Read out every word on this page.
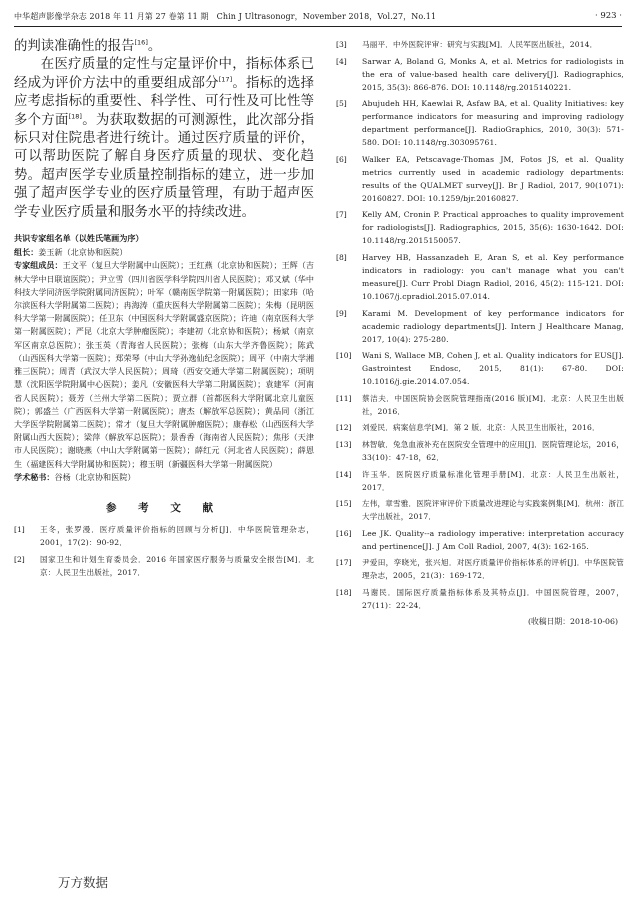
中华超声影像学杂志 2018 年 11 月第 27 卷第 11 期　Chin J Ultrasonogr，November 2018，Vol.27，No.11	· 923 ·

的判读准确性的报告[16]。

在医疗质量的定性与定量评价中，指标体系已经成为评价方法中的重要组成部分[17]。指标的选择应考虑指标的重要性、科学性、可行性及可比性等多个方面[18]。为获取数据的可测源性，此次部分指标只对住院患者进行统计。通过医疗质量的评价，可以帮助医院了解自身医疗质量的现状、变化趋势。超声医学专业质量控制指标的建立，进一步加强了超声医学专业的医疗质量管理，有助于超声医学专业医疗质量和服务水平的持续改进。

共识专家组名单（以姓氏笔画为序）
组长：姜玉新（北京协和医院）
专家组成员：王文平（复旦大学附属中山医院）；王红燕（北京协和医院）；王辉（吉林大学中日联谊医院）；尹立雪（四川省医学科学院四川省人民医院）；邓又斌（华中科技大学同济医学院附属同济医院）；叶军（赣南医学院第一附属医院）；田家玮（哈尔滨医科大学附属第二医院）；冉海涛（重庆医科大学附属第二医院）；朱梅（昆明医科大学第一附属医院）；任卫东（中国医科大学附属盛京医院）；许迪（南京医科大学第一附属医院）；严昆（北京大学肿瘤医院）；李建初（北京协和医院）；杨斌（南京军区南京总医院）；张玉英（青海省人民医院）；张梅（山东大学齐鲁医院）；陈武（山西医科大学第一医院）；郑荣琴（中山大学孙逸仙纪念医院）；周平（中南大学湘雅三医院）；周青（武汉大学人民医院）；周琦（西安交通大学第二附属医院）；项明慧（沈阳医学院附属中心医院）；姜凡（安徽医科大学第二附属医院）；袁建军（河南省人民医院）；聂芳（兰州大学第二医院）；贾立群（首都医科大学附属北京儿童医院）；郭盛兰（广西医科大学第一附属医院）；唐杰（解放军总医院）；黄品同（浙江大学医学院附属第二医院）；常才（复旦大学附属肿瘤医院）；康春松（山西医科大学附属山西大医院）；梁萍（解放军总医院）；景香香（海南省人民医院）；焦彤（天津市人民医院）；谢晓燕（中山大学附属第一医院）；薛红元（河北省人民医院）；薛恩生（福建医科大学附属协和医院）；穆玉明（新疆医科大学第一附属医院）
学术秘书：谷杨（北京协和医院）
参 考 文 献
[1]	王冬，张罗漫．医疗质量评价指标的回顾与分析[J]．中华医院管理杂志，2001，17(2)：90-92．
[2]	国家卫生和计划生育委员会．2016 年国家医疗服务与质量安全报告[M]．北京：人民卫生出版社，2017．
[3]	马丽平．中外医院评审：研究与实践[M]．人民军医出版社，2014．
[4]	Sarwar A, Boland G, Monks A, et al. Metrics for radiologists in the era of value-based health care delivery[J]. Radiographics, 2015, 35(3): 866-876. DOI: 10.1148/rg.2015140221.
[5]	Abujudeh HH, Kaewlai R, Asfaw BA, et al. Quality Initiatives: key performance indicators for measuring and improving radiology department performance[J]. RadioGraphics, 2010, 30(3): 571-580. DOI: 10.1148/rg.303095761.
[6]	Walker EA, Petscavage-Thomas JM, Fotos JS, et al. Quality metrics currently used in academic radiology departments: results of the QUALMET survey[J]. Br J Radiol, 2017, 90(1071): 20160827. DOI: 10.1259/bjr.20160827.
[7]	Kelly AM, Cronin P. Practical approaches to quality improvement for radiologists[J]. Radiographics, 2015, 35(6): 1630-1642. DOI: 10.1148/rg.2015150057.
[8]	Harvey HB, Hassanzadeh E, Aran S, et al. Key performance indicators in radiology: you can't manage what you can't measure[J]. Curr Probl Diagn Radiol, 2016, 45(2): 115-121. DOI: 10.1067/j.cpradiol.2015.07.014.
[9]	Karami M. Development of key performance indicators for academic radiology departments[J]. Intern J Healthcare Manag, 2017, 10(4): 275-280.
[10]	Wani S, Wallace MB, Cohen J, et al. Quality indicators for EUS[J]. Gastrointest Endosc, 2015, 81(1): 67-80. DOI: 10.1016/j.gie.2014.07.054.
[11]	蔡洁夫．中国医院协会医院管理指南(2016 版)[M]．北京：人民卫生出版社，2016．
[12]	刘爱民．病案信息学[M]．第 2 版．北京：人民卫生出版社，2016．
[13]	林智敏．兔急血液补充在医院安全管理中的应用[J]．医院管理论坛，2016，33(10)：47-18，62．
[14]	许玉华．医院医疗质量标准化管理手册[M]．北京：人民卫生出版社，2017．
[15]	左伟，章雪雅．医院评审评价下质量改进理论与实践案例集[M]．杭州：浙江大学出版社，2017．
[16]	Lee JK. Quality--a radiology imperative: interpretation accuracy and pertinence[J]. J Am Coll Radiol, 2007, 4(3): 162-165.
[17]	尹爱田，孪晓光，张兴旭．对医疗质量评价指标体系的评析[J]．中华医院管理杂志，2005，21(3)：169-172．
[18]	马谢民．国际医疗质量指标体系及其特点[J]．中国医院管理，2007，27(11)：22-24．
(收稿日期：2018-10-06)
万方数据
